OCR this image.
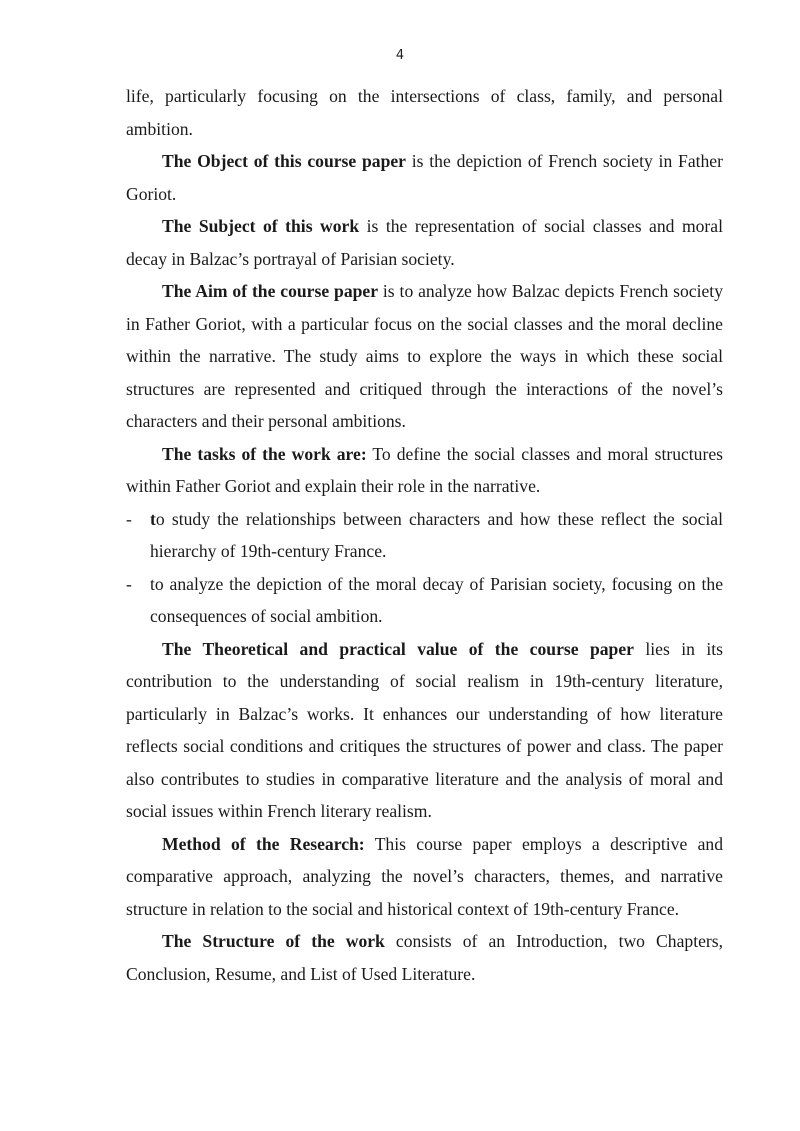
4

life, particularly focusing on the intersections of class, family, and personal ambition.

The Object of this course paper is the depiction of French society in Father Goriot.

The Subject of this work is the representation of social classes and moral decay in Balzac’s portrayal of Parisian society.

The Aim of the course paper is to analyze how Balzac depicts French society in Father Goriot, with a particular focus on the social classes and the moral decline within the narrative. The study aims to explore the ways in which these social structures are represented and critiqued through the interactions of the novel’s characters and their personal ambitions.

The tasks of the work are: To define the social classes and moral structures within Father Goriot and explain their role in the narrative.

- to study the relationships between characters and how these reflect the social hierarchy of 19th-century France.
- to analyze the depiction of the moral decay of Parisian society, focusing on the consequences of social ambition.

The Theoretical and practical value of the course paper lies in its contribution to the understanding of social realism in 19th-century literature, particularly in Balzac’s works. It enhances our understanding of how literature reflects social conditions and critiques the structures of power and class. The paper also contributes to studies in comparative literature and the analysis of moral and social issues within French literary realism.

Method of the Research: This course paper employs a descriptive and comparative approach, analyzing the novel’s characters, themes, and narrative structure in relation to the social and historical context of 19th-century France.

The Structure of the work consists of an Introduction, two Chapters, Conclusion, Resume, and List of Used Literature.
